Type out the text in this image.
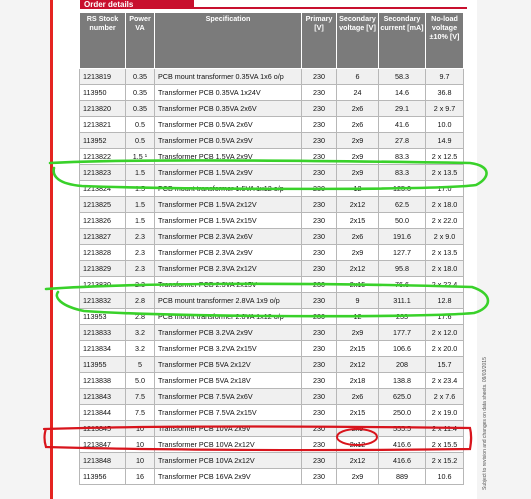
Order details
RS Stock number	Power VA	Specification	Primary [V]	Secondary voltage [V]	Secondary current [mA]	No-load voltage ±10% [V]
1213819	0.35	PCB mount transformer 0.35VA 1x6 o/p	230	6	58.3	9.7
113950	0.35	Transformer PCB 0.35VA 1x24V	230	24	14.6	36.8
1213820	0.35	Transformer PCB 0.35VA 2x6V	230	2x6	29.1	2 x 9.7
1213821	0.5	Transformer PCB 0.5VA 2x6V	230	2x6	41.6	10.0
113952	0.5	Transformer PCB 0.5VA 2x9V	230	2x9	27.8	14.9
1213822	1.5 ¹	Transformer PCB 1.5VA 2x9V	230	2x9	83.3	2 x 12.5
1213823	1.5	Transformer PCB 1.5VA 2x9V	230	2x9	83.3	2 x 13.5
1213824	1.5	PCB mount transformer 1.5VA 1x12 o/p	230	12	125.0	17.0
1213825	1.5	Transformer PCB 1.5VA 2x12V	230	2x12	62.5	2 x 18.0
1213826	1.5	Transformer PCB 1.5VA 2x15V	230	2x15	50.0	2 x 22.0
1213827	2.3	Transformer PCB 2.3VA 2x6V	230	2x6	191.6	2 x 9.0
1213828	2.3	Transformer PCB 2.3VA 2x9V	230	2x9	127.7	2 x 13.5
1213829	2.3	Transformer PCB 2.3VA 2x12V	230	2x12	95.8	2 x 18.0
1213830	2.3	Transformer PCB 2.3VA 2x15V	230	2x15	76.6	2 x 22.4
1213832	2.8	PCB mount transformer 2.8VA 1x9 o/p	230	9	311.1	12.8
113953	2.8	PCB mount transformer 2.8VA 1x12 o/p	230	12	233	17.6
1213833	3.2	Transformer PCB 3.2VA 2x9V	230	2x9	177.7	2 x 12.0
1213834	3.2	Transformer PCB 3.2VA 2x15V	230	2x15	106.6	2 x 20.0
113955	5	Transformer PCB 5VA 2x12V	230	2x12	208	15.7
1213838	5.0	Transformer PCB 5VA 2x18V	230	2x18	138.8	2 x 23.4
1213843	7.5	Transformer PCB 7.5VA 2x6V	230	2x6	625.0	2 x 7.6
1213844	7.5	Transformer PCB 7.5VA 2x15V	230	2x15	250.0	2 x 19.0
1213845	10	Transformer PCB 10VA 2x9V	230	2x9	555.5	2 x 11.4
1213847	10	Transformer PCB 10VA 2x12V	230	2x12	416.6	2 x 15.5
1213848	10	Transformer PCB 10VA 2x12V	230	2x12	416.6	2 x 15.2
113956	16	Transformer PCB 16VA 2x9V	230	2x9	889	10.6	Subject to revision and changes on data sheets. 09/03/2015
